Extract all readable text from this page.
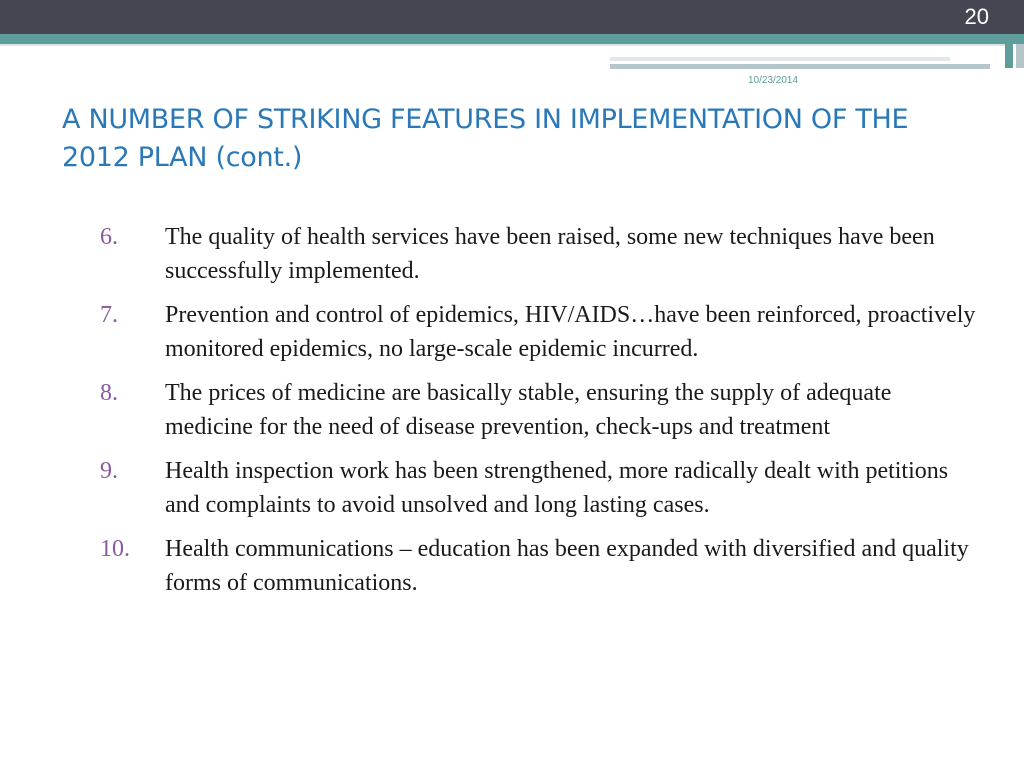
20
10/23/2014
A NUMBER OF STRIKING FEATURES IN IMPLEMENTATION OF THE 2012 PLAN (cont.)
6. The quality of health services have been raised, some new techniques have been successfully implemented.
7. Prevention and control of epidemics, HIV/AIDS…have been reinforced, proactively monitored epidemics, no large-scale epidemic incurred.
8. The prices of medicine are basically stable, ensuring the supply of adequate medicine for the need of disease prevention, check-ups and treatment
9. Health inspection work has been strengthened, more radically dealt with petitions and complaints to avoid unsolved and long lasting cases.
10. Health communications – education has been expanded with diversified and quality forms of communications.
